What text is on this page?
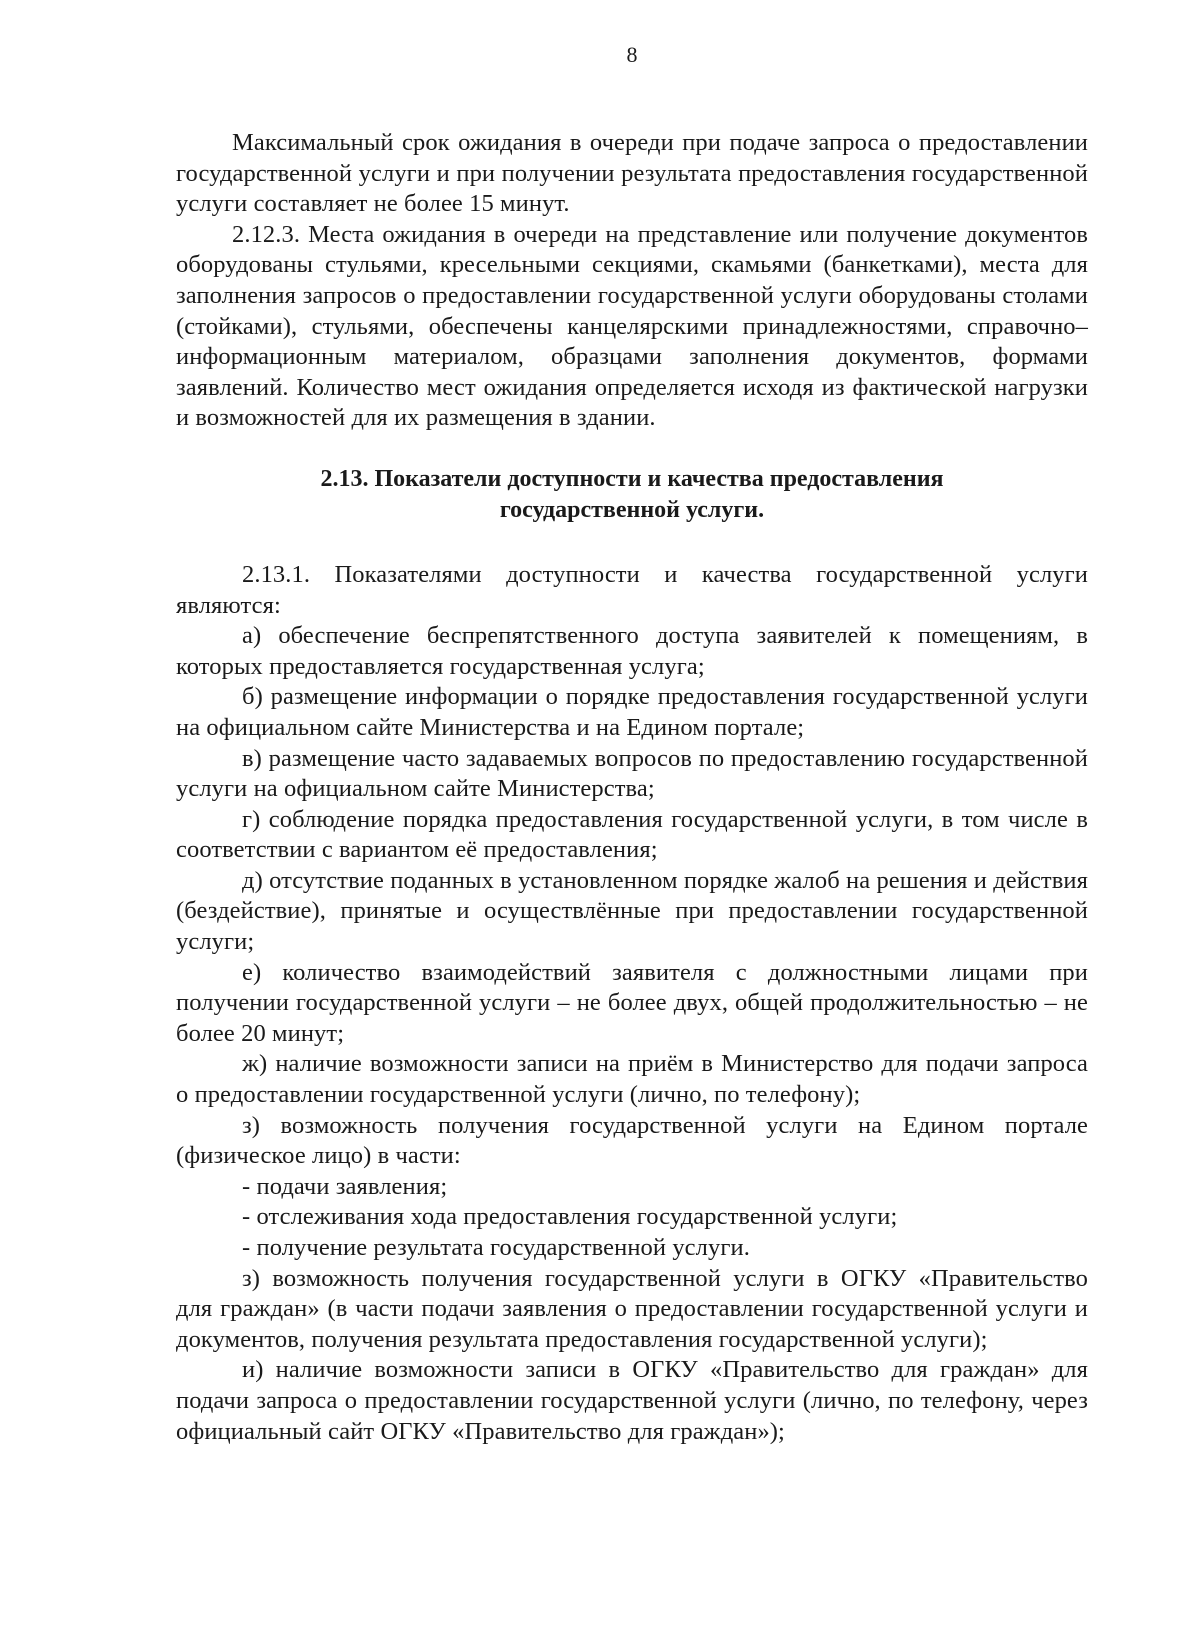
8

Максимальный срок ожидания в очереди при подаче запроса о предоставлении государственной услуги и при получении результата предоставления государственной услуги составляет не более 15 минут.

2.12.3. Места ожидания в очереди на представление или получение документов оборудованы стульями, кресельными секциями, скамьями (банкетками), места для заполнения запросов о предоставлении государственной услуги оборудованы столами (стойками), стульями, обеспечены канцелярскими принадлежностями, справочно–информационным материалом, образцами заполнения документов, формами заявлений. Количество мест ожидания определяется исходя из фактической нагрузки и возможностей для их размещения в здании.

2.13. Показатели доступности и качества предоставления
государственной услуги.

2.13.1. Показателями доступности и качества государственной услуги являются:

а) обеспечение беспрепятственного доступа заявителей к помещениям, в которых предоставляется государственная услуга;

б) размещение информации о порядке предоставления государственной услуги на официальном сайте Министерства и на Едином портале;

в) размещение часто задаваемых вопросов по предоставлению государственной услуги на официальном сайте Министерства;

г) соблюдение порядка предоставления государственной услуги, в том числе в соответствии с вариантом её предоставления;

д) отсутствие поданных в установленном порядке жалоб на решения и действия (бездействие), принятые и осуществлённые при предоставлении государственной услуги;

е) количество взаимодействий заявителя с должностными лицами при получении государственной услуги – не более двух, общей продолжительностью – не более 20 минут;

ж) наличие возможности записи на приём в Министерство для подачи запроса о предоставлении государственной услуги (лично, по телефону);

з) возможность получения государственной услуги на Едином портале (физическое лицо) в части:

- подачи заявления;

- отслеживания хода предоставления государственной услуги;

- получение результата государственной услуги.

з) возможность получения государственной услуги в ОГКУ «Правительство для граждан» (в части подачи заявления о предоставлении государственной услуги и документов, получения результата предоставления государственной услуги);

и) наличие возможности записи в ОГКУ «Правительство для граждан» для подачи запроса о предоставлении государственной услуги (лично, по телефону, через официальный сайт ОГКУ «Правительство для граждан»);
